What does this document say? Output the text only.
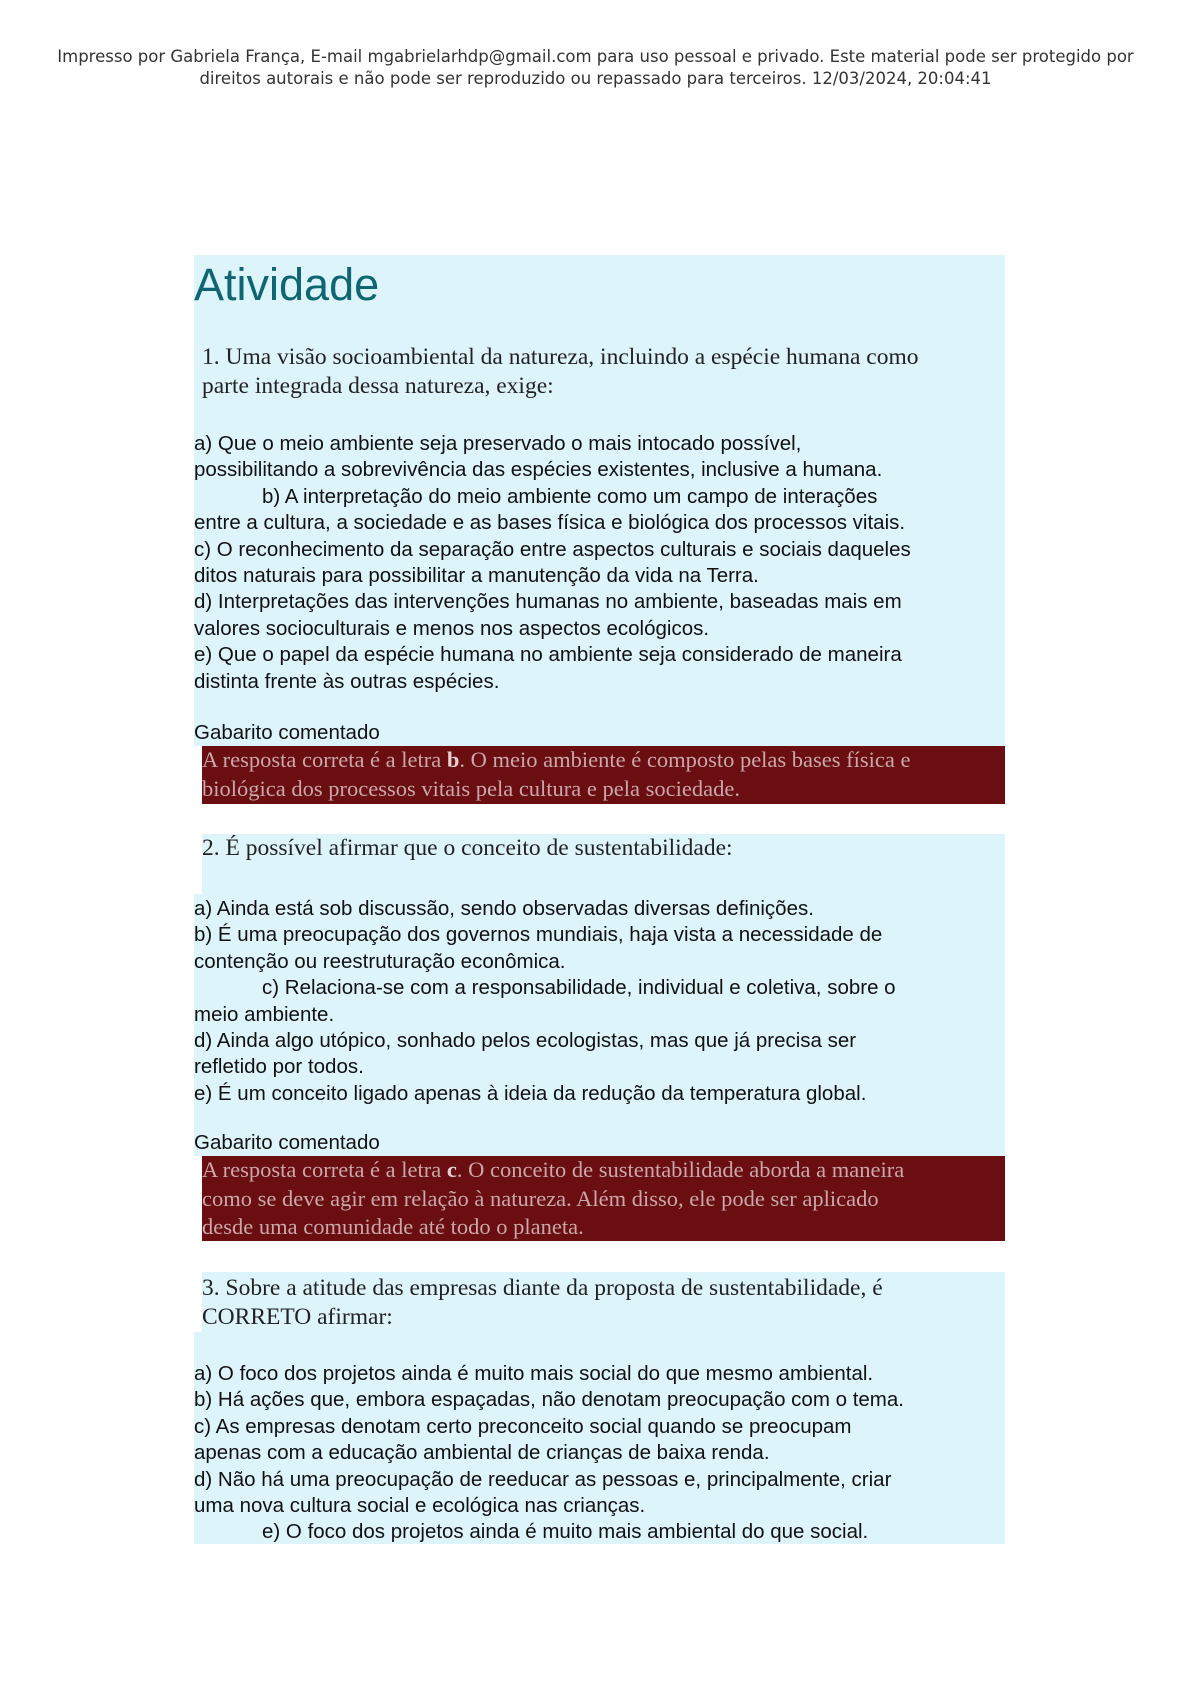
Impresso por Gabriela França, E-mail mgabrielarhdp@gmail.com para uso pessoal e privado. Este material pode ser protegido por
direitos autorais e não pode ser reproduzido ou repassado para terceiros. 12/03/2024, 20:04:41
Atividade
1. Uma visão socioambiental da natureza, incluindo a espécie humana como
parte integrada dessa natureza, exige:
a) Que o meio ambiente seja preservado o mais intocado possível,
possibilitando a sobrevivência das espécies existentes, inclusive a humana.
b) A interpretação do meio ambiente como um campo de interações
entre a cultura, a sociedade e as bases física e biológica dos processos vitais.
c) O reconhecimento da separação entre aspectos culturais e sociais daqueles
ditos naturais para possibilitar a manutenção da vida na Terra.
d) Interpretações das intervenções humanas no ambiente, baseadas mais em
valores socioculturais e menos nos aspectos ecológicos.
e) Que o papel da espécie humana no ambiente seja considerado de maneira
distinta frente às outras espécies.
Gabarito comentado
A resposta correta é a letra b. O meio ambiente é composto pelas bases física e
biológica dos processos vitais pela cultura e pela sociedade.
2. É possível afirmar que o conceito de sustentabilidade:
a) Ainda está sob discussão, sendo observadas diversas definições.
b) É uma preocupação dos governos mundiais, haja vista a necessidade de
contenção ou reestruturação econômica.
c) Relaciona-se com a responsabilidade, individual e coletiva, sobre o
meio ambiente.
d) Ainda algo utópico, sonhado pelos ecologistas, mas que já precisa ser
refletido por todos.
e) É um conceito ligado apenas à ideia da redução da temperatura global.
Gabarito comentado
A resposta correta é a letra c. O conceito de sustentabilidade aborda a maneira
como se deve agir em relação à natureza. Além disso, ele pode ser aplicado
desde uma comunidade até todo o planeta.
3. Sobre a atitude das empresas diante da proposta de sustentabilidade, é
CORRETO afirmar:
a) O foco dos projetos ainda é muito mais social do que mesmo ambiental.
b) Há ações que, embora espaçadas, não denotam preocupação com o tema.
c) As empresas denotam certo preconceito social quando se preocupam
apenas com a educação ambiental de crianças de baixa renda.
d) Não há uma preocupação de reeducar as pessoas e, principalmente, criar
uma nova cultura social e ecológica nas crianças.
e) O foco dos projetos ainda é muito mais ambiental do que social.
